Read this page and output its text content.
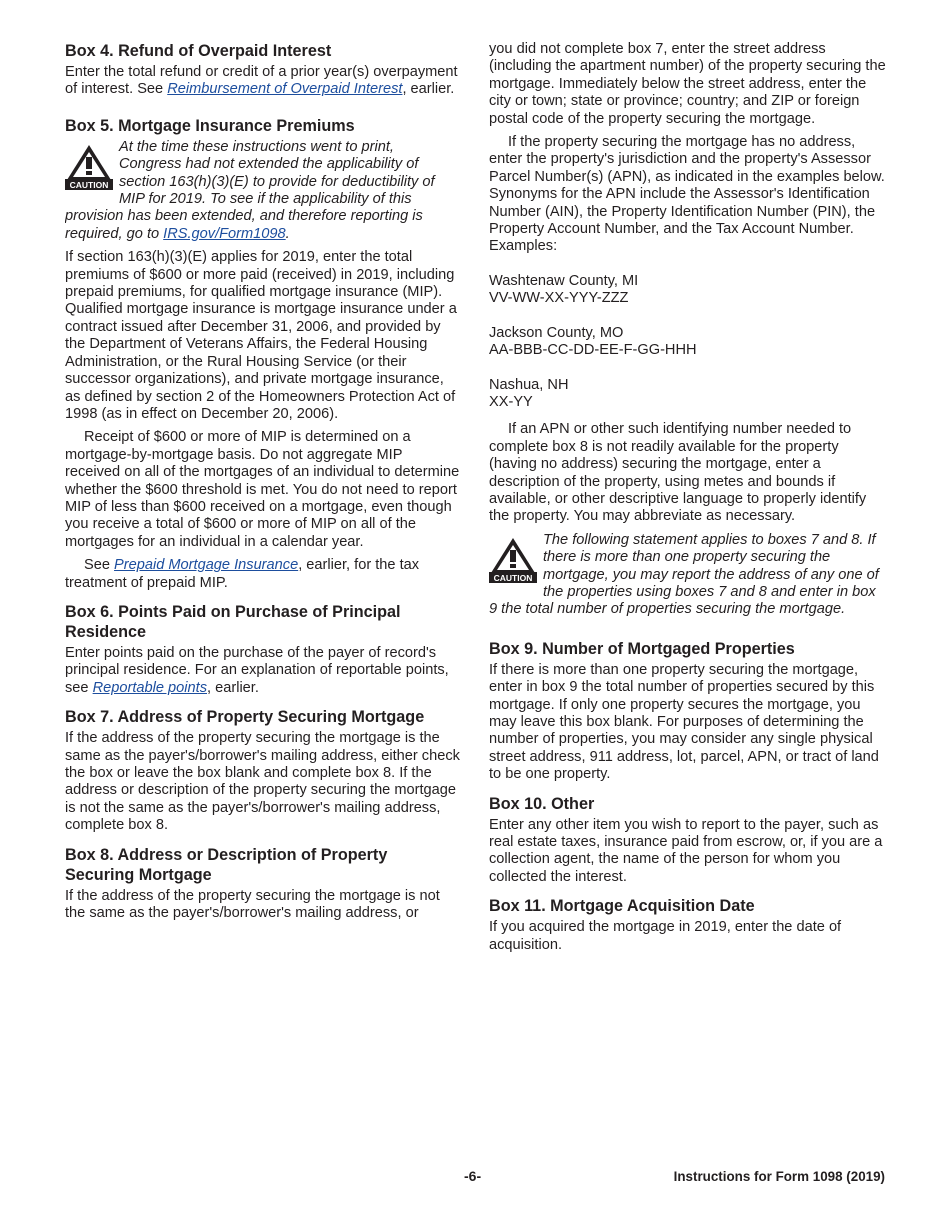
Box 4. Refund of Overpaid Interest

Enter the total refund or credit of a prior year(s) overpayment of interest. See Reimbursement of Overpaid Interest, earlier.

Box 5. Mortgage Insurance Premiums
CAUTION

At the time these instructions went to print, Congress had not extended the applicability of section 163(h)(3)(E) to provide for deductibility of MIP for 2019. To see if the applicability of this provision has been extended, and therefore reporting is required, go to IRS.gov/Form1098.

If section 163(h)(3)(E) applies for 2019, enter the total premiums of $600 or more paid (received) in 2019, including prepaid premiums, for qualified mortgage insurance (MIP). Qualified mortgage insurance is mortgage insurance under a contract issued after December 31, 2006, and provided by the Department of Veterans Affairs, the Federal Housing Administration, or the Rural Housing Service (or their successor organizations), and private mortgage insurance, as defined by section 2 of the Homeowners Protection Act of 1998 (as in effect on December 20, 2006).

Receipt of $600 or more of MIP is determined on a mortgage-by-mortgage basis. Do not aggregate MIP received on all of the mortgages of an individual to determine whether the $600 threshold is met. You do not need to report MIP of less than $600 received on a mortgage, even though you receive a total of $600 or more of MIP on all of the mortgages for an individual in a calendar year.

See Prepaid Mortgage Insurance, earlier, for the tax treatment of prepaid MIP.

Box 6. Points Paid on Purchase of Principal Residence

Enter points paid on the purchase of the payer of record's principal residence. For an explanation of reportable points, see Reportable points, earlier.

Box 7. Address of Property Securing Mortgage

If the address of the property securing the mortgage is the same as the payer's/borrower's mailing address, either check the box or leave the box blank and complete box 8. If the address or description of the property securing the mortgage is not the same as the payer's/borrower's mailing address, complete box 8.

Box 8. Address or Description of Property Securing Mortgage

If the address of the property securing the mortgage is not the same as the payer's/borrower's mailing address, or

you did not complete box 7, enter the street address (including the apartment number) of the property securing the mortgage. Immediately below the street address, enter the city or town; state or province; country; and ZIP or foreign postal code of the property securing the mortgage.

If the property securing the mortgage has no address, enter the property's jurisdiction and the property's Assessor Parcel Number(s) (APN), as indicated in the examples below. Synonyms for the APN include the Assessor's Identification Number (AIN), the Property Identification Number (PIN), the Property Account Number, and the Tax Account Number. Examples:

Washtenaw County, MI

VV-WW-XX-YYY-ZZZ

Jackson County, MO

AA-BBB-CC-DD-EE-F-GG-HHH

Nashua, NH

XX-YY

If an APN or other such identifying number needed to complete box 8 is not readily available for the property (having no address) securing the mortgage, enter a description of the property, using metes and bounds if available, or other descriptive language to properly identify the property. You may abbreviate as necessary.

CAUTION

The following statement applies to boxes 7 and 8. If there is more than one property securing the mortgage, you may report the address of any one of the properties using boxes 7 and 8 and enter in box 9 the total number of properties securing the mortgage.

Box 9. Number of Mortgaged Properties

If there is more than one property securing the mortgage, enter in box 9 the total number of properties secured by this mortgage. If only one property secures the mortgage, you may leave this box blank. For purposes of determining the number of properties, you may consider any single physical street address, 911 address, lot, parcel, APN, or tract of land to be one property.

Box 10. Other

Enter any other item you wish to report to the payer, such as real estate taxes, insurance paid from escrow, or, if you are a collection agent, the name of the person for whom you collected the interest.

Box 11. Mortgage Acquisition Date

If you acquired the mortgage in 2019, enter the date of acquisition.

-6-	Instructions for Form 1098 (2019)
